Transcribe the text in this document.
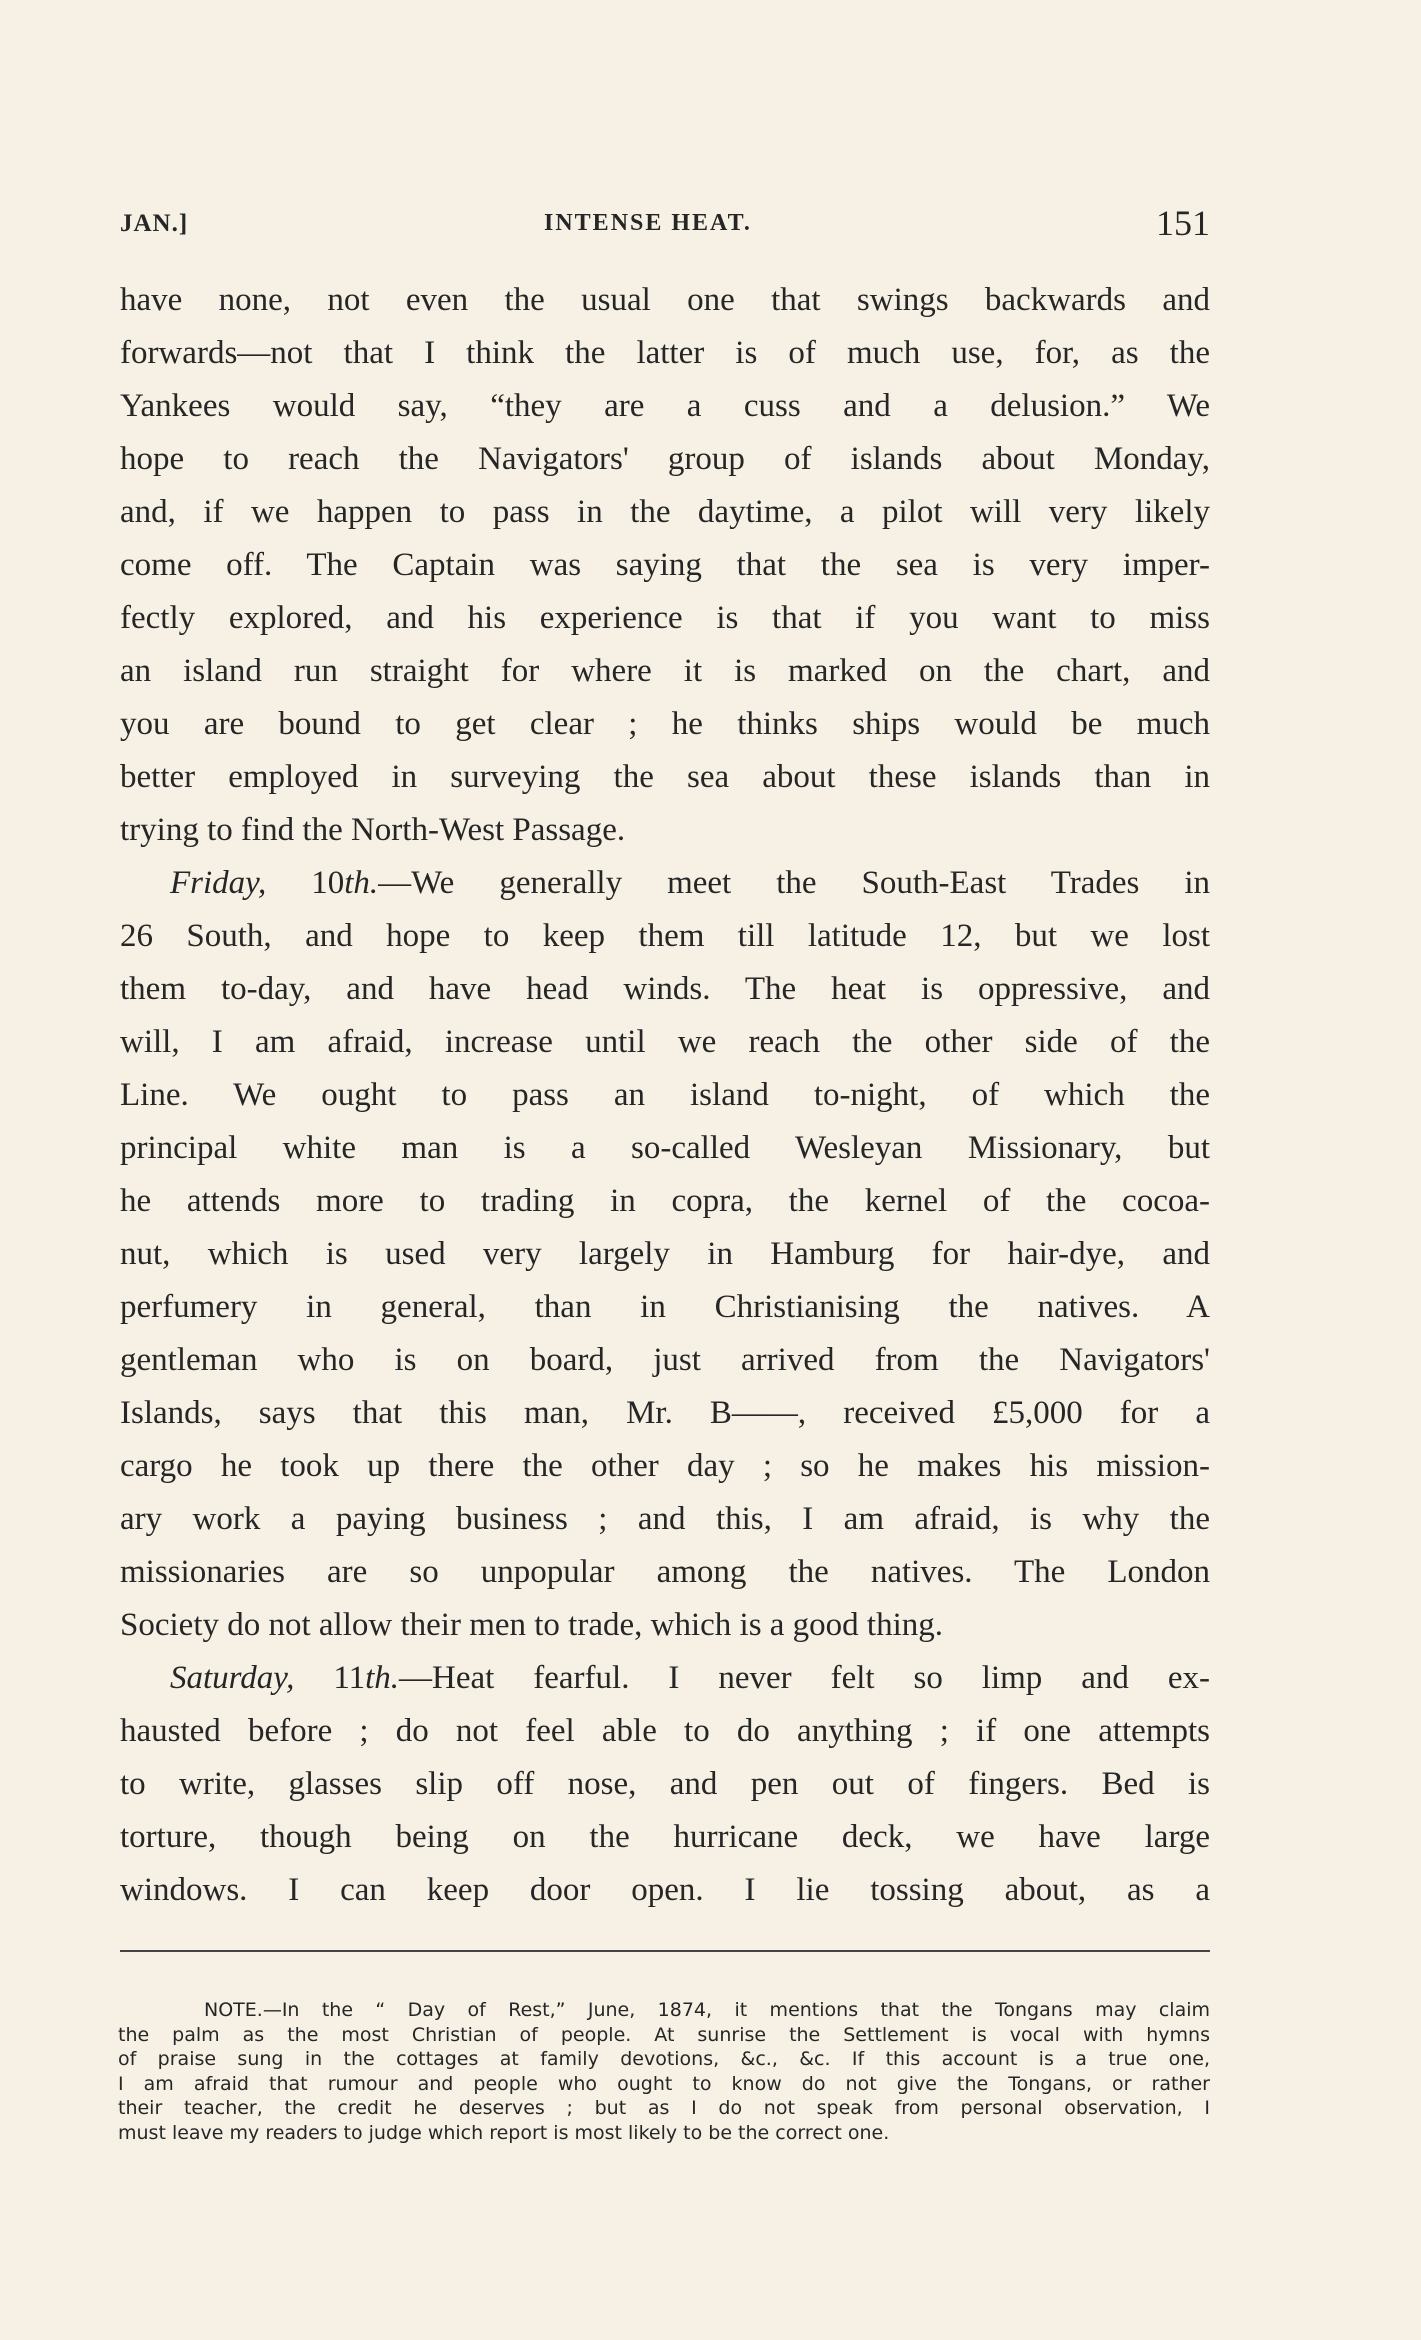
JAN.]	INTENSE HEAT.	151
have none, not even the usual one that swings backwards and
forwards—not that I think the latter is of much use, for, as the
Yankees would say, “they are a cuss and a delusion.” We
hope to reach the Navigators' group of islands about Monday,
and, if we happen to pass in the daytime, a pilot will very likely
come off. The Captain was saying that the sea is very imper-
fectly explored, and his experience is that if you want to miss
an island run straight for where it is marked on the chart, and
you are bound to get clear ; he thinks ships would be much
better employed in surveying the sea about these islands than in
trying to find the North-West Passage.
Friday, 10th.—We generally meet the South-East Trades in
26 South, and hope to keep them till latitude 12, but we lost
them to-day, and have head winds. The heat is oppressive, and
will, I am afraid, increase until we reach the other side of the
Line. We ought to pass an island to-night, of which the
principal white man is a so-called Wesleyan Missionary, but
he attends more to trading in copra, the kernel of the cocoa-
nut, which is used very largely in Hamburg for hair-dye, and
perfumery in general, than in Christianising the natives. A
gentleman who is on board, just arrived from the Navigators'
Islands, says that this man, Mr. B——, received £5,000 for a
cargo he took up there the other day ; so he makes his mission-
ary work a paying business ; and this, I am afraid, is why the
missionaries are so unpopular among the natives. The London
Society do not allow their men to trade, which is a good thing.
Saturday, 11th.—Heat fearful. I never felt so limp and ex-
hausted before ; do not feel able to do anything ; if one attempts
to write, glasses slip off nose, and pen out of fingers. Bed is
torture, though being on the hurricane deck, we have large
windows. I can keep door open. I lie tossing about, as a
NOTE.—In the “ Day of Rest,” June, 1874, it mentions that the Tongans may claim
the palm as the most Christian of people. At sunrise the Settlement is vocal with hymns
of praise sung in the cottages at family devotions, &c., &c. If this account is a true one,
I am afraid that rumour and people who ought to know do not give the Tongans, or rather
their teacher, the credit he deserves ; but as I do not speak from personal observation, I
must leave my readers to judge which report is most likely to be the correct one.
